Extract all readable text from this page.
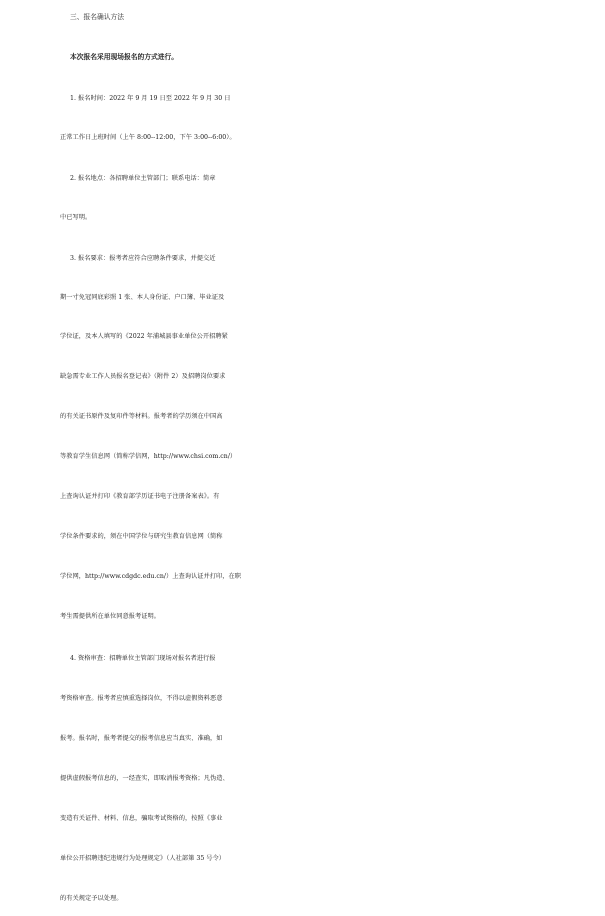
三、报名确认方法
本次报名采用现场报名的方式进行。
1. 报名时间：2022 年 9 月 19 日至 2022 年 9 月 30 日
正常工作日上班时间（上午 8:00--12:00，下午 3:00--6:00）。
2. 报名地点：各招聘单位主管部门；联系电话：简章
中已写明。
3. 报名要求：报考者应符合应聘条件要求，并提交近
期一寸免冠同底彩照 1 张、本人身份证、户口簿、毕业证及
学位证，及本人填写的《2022 年浦城县事业单位公开招聘紧
缺急需专业工作人员报名登记表》（附件 2）及招聘岗位要求
的有关证书原件及复印件等材料。报考者的学历须在中国高
等教育学生信息网（简称学信网，http://www.chsi.com.cn/）
上查询认证并打印《教育部学历证书电子注册备案表》。有
学位条件要求的，须在中国学位与研究生教育信息网（简称
学位网，http://www.cdgdc.edu.cn/）上查询认证并打印，在职
考生需提供所在单位同意报考证明。
4. 资格审查：招聘单位主管部门现场对报名者进行报
考资格审查。报考者应慎重选择岗位，不得以虚假资料恶意
报考。报名时，报考者提交的报考信息应当真实、准确，如
提供虚假报考信息的，一经查实，即取消报考资格；凡伪造、
变造有关证件、材料、信息，骗取考试资格的，按照《事业
单位公开招聘违纪违规行为处理规定》（人社部第 35 号令）
的有关规定予以处理。
